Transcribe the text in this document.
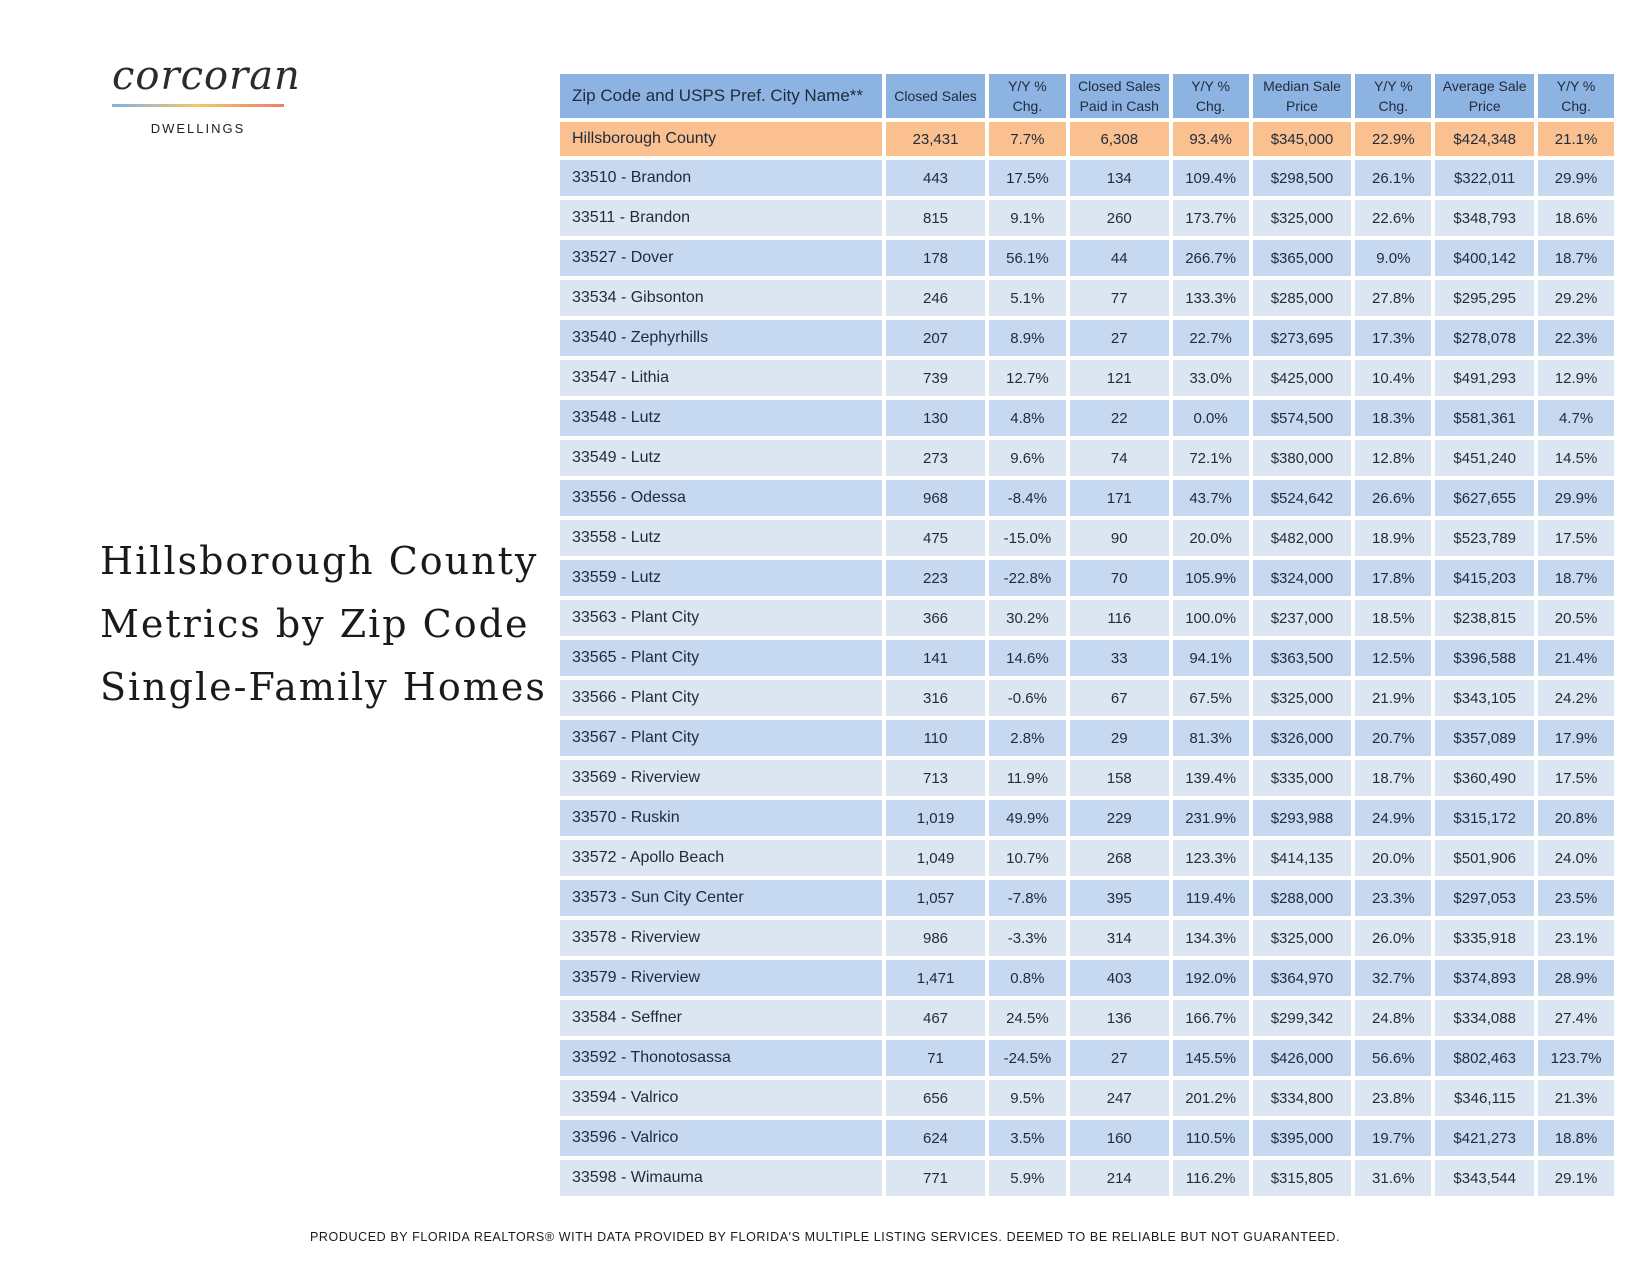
corcoran
DWELLINGS
Hillsborough County
Metrics by Zip Code
Single-Family Homes
Zip Code and USPS Pref. City Name**	Closed Sales	Y/Y % Chg.	Closed Sales Paid in Cash	Y/Y % Chg.	Median Sale Price	Y/Y % Chg.	Average Sale Price	Y/Y % Chg.
Hillsborough County	23,431	7.7%	6,308	93.4%	$345,000	22.9%	$424,348	21.1%
33510 - Brandon	443	17.5%	134	109.4%	$298,500	26.1%	$322,011	29.9%
33511 - Brandon	815	9.1%	260	173.7%	$325,000	22.6%	$348,793	18.6%
33527 - Dover	178	56.1%	44	266.7%	$365,000	9.0%	$400,142	18.7%
33534 - Gibsonton	246	5.1%	77	133.3%	$285,000	27.8%	$295,295	29.2%
33540 - Zephyrhills	207	8.9%	27	22.7%	$273,695	17.3%	$278,078	22.3%
33547 - Lithia	739	12.7%	121	33.0%	$425,000	10.4%	$491,293	12.9%
33548 - Lutz	130	4.8%	22	0.0%	$574,500	18.3%	$581,361	4.7%
33549 - Lutz	273	9.6%	74	72.1%	$380,000	12.8%	$451,240	14.5%
33556 - Odessa	968	-8.4%	171	43.7%	$524,642	26.6%	$627,655	29.9%
33558 - Lutz	475	-15.0%	90	20.0%	$482,000	18.9%	$523,789	17.5%
33559 - Lutz	223	-22.8%	70	105.9%	$324,000	17.8%	$415,203	18.7%
33563 - Plant City	366	30.2%	116	100.0%	$237,000	18.5%	$238,815	20.5%
33565 - Plant City	141	14.6%	33	94.1%	$363,500	12.5%	$396,588	21.4%
33566 - Plant City	316	-0.6%	67	67.5%	$325,000	21.9%	$343,105	24.2%
33567 - Plant City	110	2.8%	29	81.3%	$326,000	20.7%	$357,089	17.9%
33569 - Riverview	713	11.9%	158	139.4%	$335,000	18.7%	$360,490	17.5%
33570 - Ruskin	1,019	49.9%	229	231.9%	$293,988	24.9%	$315,172	20.8%
33572 - Apollo Beach	1,049	10.7%	268	123.3%	$414,135	20.0%	$501,906	24.0%
33573 - Sun City Center	1,057	-7.8%	395	119.4%	$288,000	23.3%	$297,053	23.5%
33578 - Riverview	986	-3.3%	314	134.3%	$325,000	26.0%	$335,918	23.1%
33579 - Riverview	1,471	0.8%	403	192.0%	$364,970	32.7%	$374,893	28.9%
33584 - Seffner	467	24.5%	136	166.7%	$299,342	24.8%	$334,088	27.4%
33592 - Thonotosassa	71	-24.5%	27	145.5%	$426,000	56.6%	$802,463	123.7%
33594 - Valrico	656	9.5%	247	201.2%	$334,800	23.8%	$346,115	21.3%
33596 - Valrico	624	3.5%	160	110.5%	$395,000	19.7%	$421,273	18.8%
33598 - Wimauma	771	5.9%	214	116.2%	$315,805	31.6%	$343,544	29.1%
PRODUCED BY FLORIDA REALTORS® WITH DATA PROVIDED BY FLORIDA'S MULTIPLE LISTING SERVICES. DEEMED TO BE RELIABLE BUT NOT GUARANTEED.
